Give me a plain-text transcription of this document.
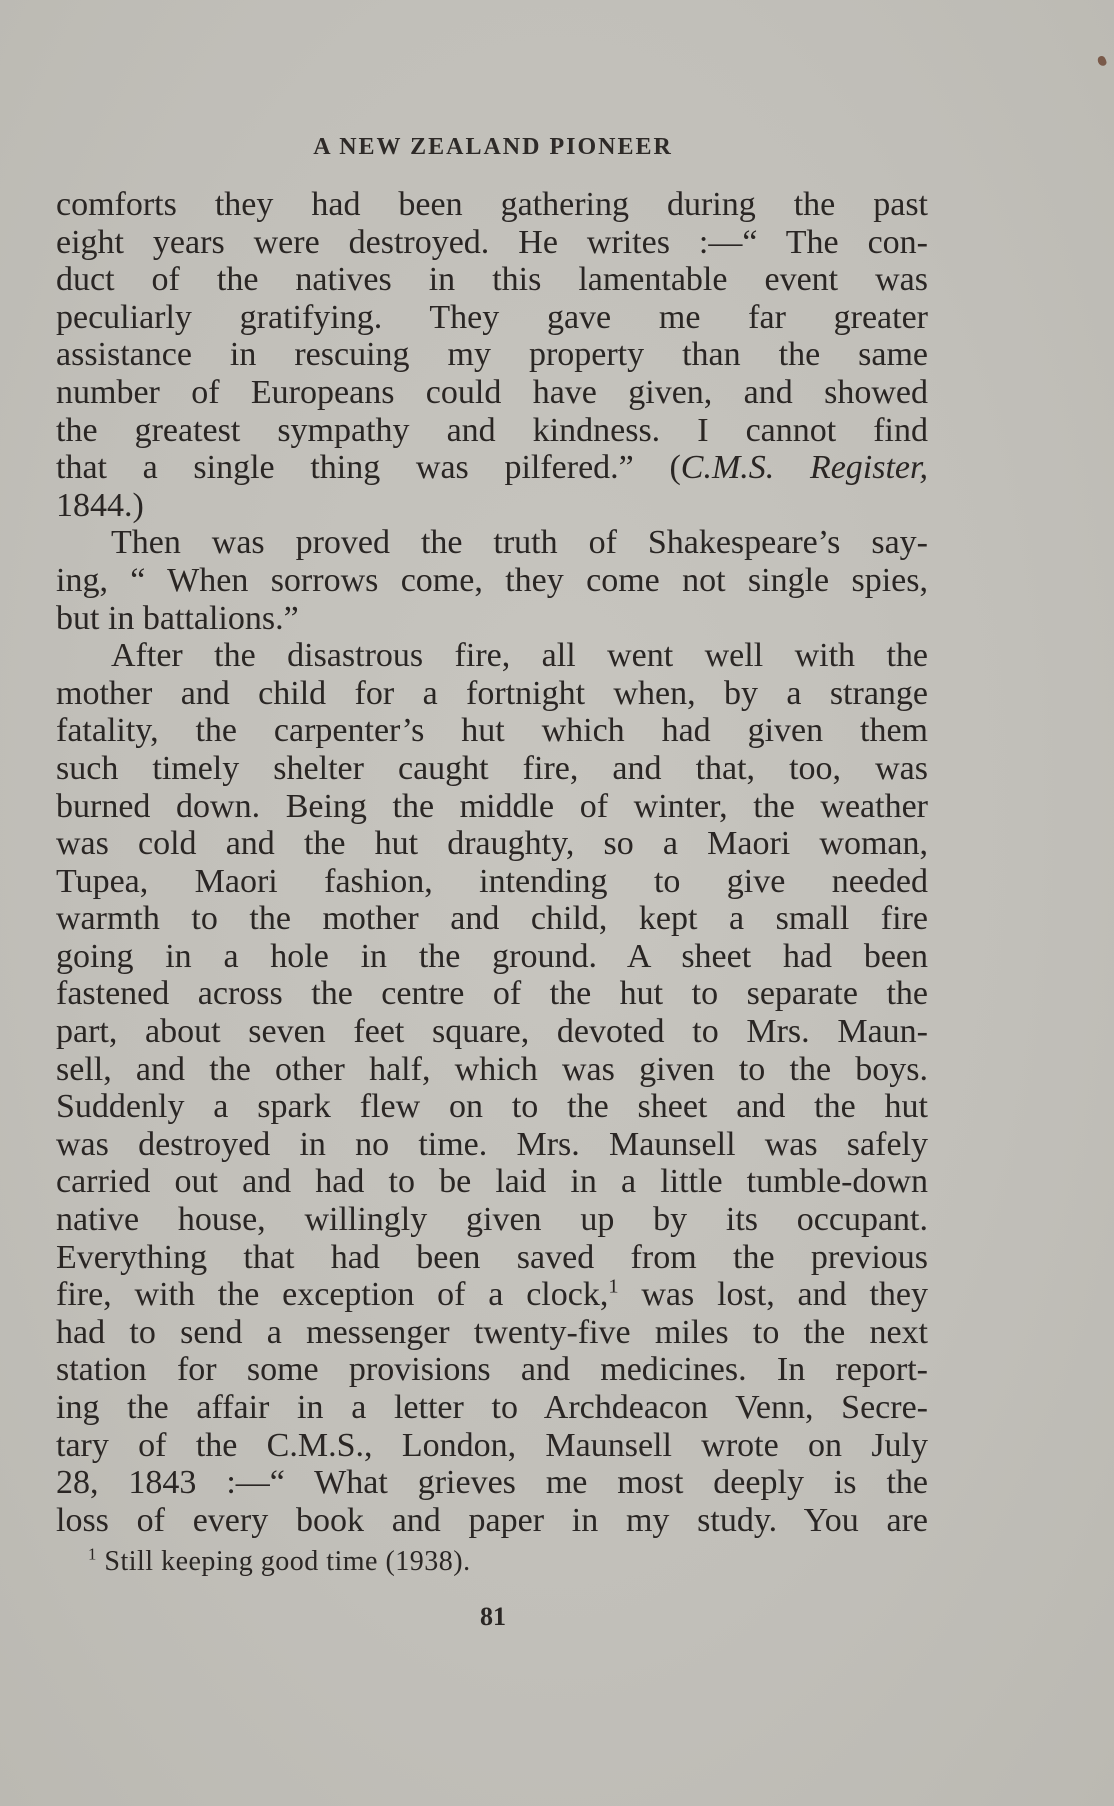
A NEW ZEALAND PIONEER
comforts they had been gathering during the past
eight years were destroyed. He writes :—“ The con-
duct of the natives in this lamentable event was
peculiarly gratifying. They gave me far greater
assistance in rescuing my property than the same
number of Europeans could have given, and showed
the greatest sympathy and kindness. I cannot find
that a single thing was pilfered.” (C.M.S. Register,
1844.)
Then was proved the truth of Shakespeare’s say-
ing, “ When sorrows come, they come not single spies,
but in battalions.”
After the disastrous fire, all went well with the
mother and child for a fortnight when, by a strange
fatality, the carpenter’s hut which had given them
such timely shelter caught fire, and that, too, was
burned down. Being the middle of winter, the weather
was cold and the hut draughty, so a Maori woman,
Tupea, Maori fashion, intending to give needed
warmth to the mother and child, kept a small fire
going in a hole in the ground. A sheet had been
fastened across the centre of the hut to separate the
part, about seven feet square, devoted to Mrs. Maun-
sell, and the other half, which was given to the boys.
Suddenly a spark flew on to the sheet and the hut
was destroyed in no time. Mrs. Maunsell was safely
carried out and had to be laid in a little tumble-down
native house, willingly given up by its occupant.
Everything that had been saved from the previous
fire, with the exception of a clock,$^1$ was lost, and they
had to send a messenger twenty-five miles to the next
station for some provisions and medicines. In report-
ing the affair in a letter to Archdeacon Venn, Secre-
tary of the C.M.S., London, Maunsell wrote on July
28, 1843 :—“ What grieves me most deeply is the
loss of every book and paper in my study. You are
$^1$ Still keeping good time (1938).
81
